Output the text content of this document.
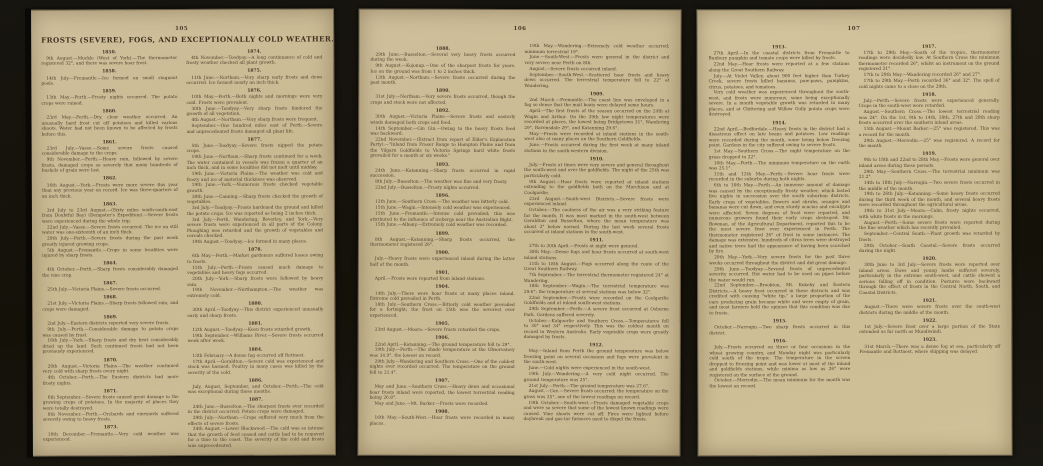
105
FROSTS (SEVERE), FOGS, AND EXCEPTIONALLY COLD WEATHER.
1850.

9th August.—Muckle (West of York).—The thermometer registered 32°, and there was severe hoar frost.

1858.

14th July.—Fremantle.—Ice formed on small stagnant pools.

1859.

13th May.—Perth.—Frosty nights occurred. The potato crops were ruined.

1860.

23rd May.—Perth.—Dry, clear weather occurred. An unusually hard frost cut off potatoes and killed various shoots. Water had not been known to be affected by frosts before this.

1861.

23rd July.—Vasse.—Some severe frosts caused considerable damage to the crops.

9th November.—Perth.—Heavy rain, followed by severe frosts, damaged crops so severely that many hundreds of bushels of grain were lost.

1862.

16th August.—York.—Frosts were more severe this year than any previous year on record. Ice was three-quarters of an inch thick.

1863.

3rd July to 23rd August.—(Sixty miles south-south-east from Doubtful Bay) (Dempster's Expedition).—Severe frosts were experienced during the whole trip.

22nd July.—Vasse.—Severe frosts occurred. The ice on still water was one-sixteenth of an inch thick.

29th July.—Perth.—Severe frosts during the past week greatly injured growing crops.

5th August.—Fremantle.—Crops in some localities were injured by sharp frosts.

1864.

4th October.—Perth.—Sharp frosts considerably damaged the vine crop.

1867.

25th July.—Victoria Plains.—Severe frosts occurred.

1868.

21st July.—Victoria Plains.—Sharp frosts followed rain, and crops were damaged.

1869.

2nd July.—Eastern districts reported very severe frosts.

9th July.—Perth.—Considerable damage to potato crops was caused by frost.

16th July.—York.—Sharp frosts and dry heat considerably dried up the land. Such continued frosts had not been previously experienced.

1870.

20th August.—Victoria Plains.—The weather continued very cold with sharp frosts every night.

4th October.—Perth.—The Eastern districts had more frosty nights.

1871.

6th September.—Severe frosts caused great damage to the growing crops of potatoes. In the majority of places they were totally destroyed.

8th November.—Perth.—Orchards and vineyards suffered severely owing to heavy frosts.

1873.

10th December.—Fremantle.—Very cold weather was experienced.

1874.

4th November.—Toodyay.—A long continuance of cold and frosty weather checked all plant growth.

1875.

11th June.—Northam.—Very sharp early frosts and dews occurred. Ice formed nearly an inch thick.

1876.

10th May.—Perth.—Both nights and mornings were very cold. Frosts were prevalent.

30th June.—Toodyay.—Very sharp frosts hindered the growth of all vegetation.

4th August.—Northam.—Very sharp frosts were frequent.

September.—One hundred miles east of Perth.—Severe and unprecedented frosts damaged all plant life.

1877.

5th June.—Toodyay.—Severe frosts nipped the potato crops.

19th June.—Northam.—Sharp frosts continued for a week. The water contained in vessels was frozen a quarter of an inch thick, and in some localities did not melt until midday.

19th June.—Victoria Plains.—The weather was cold and frosty and ice of material thickness was observed.

19th June.—York.—Numerous frosts checked vegetable growth.

30th June.—Canning.—Sharp frosts checked the growth of vegetables.

3rd July.—Toodyay.—Frosts hardened the ground and killed the potato crops. Ice was reported as being 2 inches thick.

3rd July.—Perth, Wandering, Beverley, and York.—Very severe frosts were experienced in all parts of the Colony. Ploughing was retarded and the growth of vegetables and cereals checked.

19th August.—Toodyay.—Ice formed in many places.

1878.

6th May.—Perth.—Market gardeners suffered losses owing to frosts.

15th July.—Perth.—Frosts caused much damage to vegetables and heavy fogs occurred.

20th July.—York.—Sharp frosts were followed by heavy rain.

19th November.—Northampton.—The weather was extremely cold.

1880.

30th April.—Toodyay.—This district experienced unusually early and sharp frosts.

1881.

12th August.—Toodyay.—Keen frosts retarded growth.

19th September.—Williams River.—Severe frosts occurred week after week.

1884.

13th February.—A dense fog occurred off Rottnest.

17th April.—Geraldton.—Severe cold was experienced and stock was harmed. Poultry in many cases was killed by the severity of the cold.

1886.

July, August, September, and October.—Perth.—The cold was exceptional during these months.

1887.

24th June.—Busselton.—The sharpest frosts ever recorded in the district occurred. Potato crops were damaged.

29th July.—Northam.—Crops suffered very much from the effects of severe frosts.

24th August.—Lower Blackwood.—The cold was so intense that the growth of feed ceased and cattle had to be removed for a time to the coast. The severity of the cold and frosts was unprecedented.

106
1888.

29th June.—Busselton.—Several very heavy frosts occurred during the week.

9th August.—Kojonup.—One of the sharpest frosts for years. Ice on the ground was from 1 to 2 inches thick.

13th August.—Northam.—Severe frosts occurred during the past month.

1890.

31st July.—Northam.—Very severe frosts occurred, though the crops and stock were not affected.

1892.

30th August.—Victoria Plains.—Severe frosts and easterly winds damaged both crops and feed.

14th September.—Gin Gin.—Owing to the heavy frosts feed was backward.

22nd November.—(Extract from report of Elder's Exploration Party).—"Inland from Fraser Range to Hampton Plains and from the Yilgarn Goldfields to Victoria Springs hard white frosts prevailed for a month or six weeks."

1893.

24th June.—Katanning.—Sharp frosts occurred in rapid succession.

8th July.—Busselton.—The weather was fine and very frosty.

22nd July.—Busselton.—Frosty nights occurred.

1896.

12th June.—Southern Cross.—The weather was bitterly cold.

15th June.—Wagin.—Intensely cold weather was experienced.

15th June.—Fremantle.—Intense cold prevailed; this was attributed to the influence of icebergs near the Australian Bight.

15th June.—Albany.—Extremely cold weather was recorded.

1899.

8th August.—Katanning.—Sharp frosts occurred, the thermometer registered 26°.

1900.

July.—Heavy frosts were experienced inland during the latter half of the month.

1901.

April.—Frosts were reported from inland stations.

1904.

14th July.—There were hoar frosts at many places inland. Extreme cold prevailed in Perth.

18th July.—Southern Cross.—Bitterly cold weather prevailed for a fortnight; the frost on 15th was the severest ever experienced.

1905.

23rd August.—Moora.—Severe frosts retarded the crops.

1906.

22nd April.—Katanning.—The ground temperature fell to 29°.

19th July.—Perth.—The shade temperature at the Observatory was 34.9°, the lowest on record.

29th July.—Wandering and Southern Cross.—One of the coldest nights ever recorded occurred. The temperature on the ground fell to 21.4°.

1907.

May and June.—Southern Cross.—Heavy dews and occasional hoar frosts inland were reported, the lowest terrestrial reading being 26.8°.

May and June.—Mt. Barker.—Frosts were recorded.

1908.

16th May.—South-West.—Hoar frosts were recorded in many places.

19th May.—Wandering.—Extremely cold weather occurred; minimum terrestrial 19°.

June.—South-West.—Frosts were general in the district and very severe near Perth on 8th.

August.—Severe frosts occurred inland.

September.—South-West.—Scattered hoar frosts and heavy dews occurred. The terrestrial temperature fell to 22° at Wandering.

1909.

2nd March.—Fremantle.—The coast line was enveloped in a fog so dense that the mail boats were delayed some hours.

April.—The first frosts of the season occurred on the 24th at Wagin and Arthur. On the 29th low night temperatures were recorded at places, the lowest being Bridgetown 31°, Wandering 29°, Ravensdale 29°, and Katanning 29.6°.

May.—Frosts were recorded at inland stations in the south-west also at many places on the Southern Goldfields.

June.—Frosts occurred during the first week at many inland stations in the south-western division.

1910.

July.—Frosts at times were very severe and general throughout the south-west and over the goldfields. The night of the 25th was particularly cold.

9th August.—Hoar frosts were reported at inland stations extending to the goldfields both on the Murchison and at Coolgardie.

23rd August.—South-west Districts.—Severe frosts were experienced inland.

October.—The coolness of the air was a very striking feature for the month. It was most marked in the south-west between Geraldton and Busselton, where the mean temperature was about 2° below normal. During the last week several frosts occurred at inland stations in the south-west.

1911.

27th to 30th April.—Frosts at night were general.

30th May.—Dense fogs and hoar frosts occurred at south-west inland stations.

11th to 18th August.—Fogs occurred along the route of the Great Southern Railway.

7th September.—The terrestrial thermometer registered 24° at Wandering.

18th September.—Wagin.—The terrestrial temperature was 29.6°; the temperature at several stations was below 32°.

22nd September.—Frosts were recorded on the Coolgardie Goldfields and at inland south-west stations.

29th September.—Perth.—A severe frost occurred at Osborne Park. Gardens suffered severely.

October.—Kalgoorlie and Southern Cross.—Temperatures fell to 30° and 34° respectively. This was the coldest month on record in Western Australia. Early vegetable crops were greatly damaged by frosts.

1912.

May.—Inland from Perth the ground temperature was below freezing point on several occasions and fogs were prevalent in the south-west.

June.—Cold nights were experienced in the south-west.

19th July.—Wandering.—A very cold night occurred. The ground temperature was 25°.

21st July.—Perth.—The ground temperature was 27.6°.

August.—Cue.—Severe frosts occurred; the temperature on the grass was 25°, one of the lowest readings on record.

19th October.—South-west.—Frosts damaged vegetable crops and were so severe that some of the lowest known readings were caused. Vine shoots were cut off. Fires were lighted before daybreak and gas-tar furnaces used to dispel the frosts.

107
1913.

27th April.—In the coastal districts from Fremantle to Bunbury pumpkin and tomato crops were killed by frosts.

22nd May.—Hoar frosts were reported at a few stations along the Great Southern Railway.

July.—At Violet Valley, about 900 feet higher than Turkey Creek, severe frosts killed bananas, paw-paws, pumpkins, citrus, potatoes, and tomatoes.

Very cold weather was experienced throughout the south-west, and frosts were numerous, some being exceptionally severe. In a month vegetable growth was retarded in many places, and at Chittering and Willow Gully potato crops were destroyed.

1914.

22nd April.—Bedfordale.—Heavy frosts in the district had a disastrous effect on late beans and potatoes. Low readings were recorded during the month, some being below freezing point. Gardens in the city suffered owing to severe frosts.

1st May.—Southern Cross.—The night temperature on the grass dropped to 22°.

10th May.—Perth.—The minimum temperature on the earth was 25.1°.

11th and 12th May.—Perth.—Severe hoar frosts were recorded in the suburbs during both nights.

6th to 10th May.—Perth.—An immense amount of damage was caused by the exceptionally frosty weather, which lasted five nights in succession over the south suburban districts. Early crops of vegetables, flowers and shrubs, oranges and bananas were cut down, and even sturdy acacias and eucalypts were affected. Seven degrees of frost were reported, and numerous growers found their early crops destroyed. Mr. Bowman, of the Agricultural Department, reported this to be the most severe frost ever experienced in Perth. The thermometer registered 26° of frost in some instances. The damage was extensive, hundreds of citrus trees were destroyed and native trees had the appearance of having been scorched by fire.

20th May.—York.—Very severe frosts for the past three weeks occurred throughout the district and did great damage.

29th June.—Toodyay.—Several frosts of unprecedented severity occurred. Hot water had to be used on pipes before the water would run.

22nd September.—Brookton, Mt. Kokeby and Eastern Districts.—A heavy frost occurred in these districts and was credited with causing "white tip," a large proportion of the ears producing grain became white and were empty of grain, and most farmers held the opinion that this condition was due to frosts.

1915.

October.—Narrogin.—Two sharp frosts occurred in this district.

1916.

July.—Frosts occurred on three or four occasions in the wheat growing country, and Monday night was particularly cold south of the tropic. The temperature in the screen dropped to freezing point and was lower at most of the inland and goldfields stations, while minima as low as 26° were registered on the surface of the ground.

October.—Merredin.—The mean minimum for the month was the lowest on record.

1917.

17th to 29th May.—South of the tropics, thermometer readings were decidedly low. At Southern Cross the minimum thermometer recorded 26°, whilst an instrument on the ground registered 21°.

17th to 29th May.—Wandering recorded 26° and 27°.

17th to 29th May.—Perth recorded 36° and 32°. The spell of cold nights came to a close on the 29th.

1918.

July.—Perth.—Severe frosts were experienced generally. Crops in the south-west were retarded.

August.—Southern Cross.—The lowest terrestrial reading was 24°. On the 1st, 9th to 14th, 18th, 27th and 28th sharp frosts occurred over the southern inland areas.

15th August.—Mount Barker.—25° was registered. This was a record for the month.

29th August.—Merredin.—25° was registered. A record for the month.

1919.

9th to 18th and 22nd to 28th May.—Frosts were general over inland areas during these periods.

29th May.—Southern Cross.—The terrestrial minimum was 21.2°.

14th to 18th July.—Narrogin.—Two severe frosts occurred in the middle of the month.

19th to 26th July.—Katanning.—Some heavy frosts occurred during the third week of the month, and several heavy frosts were recorded throughout the agricultural areas.

19th to 31st July.—Moora.—Calm, frosty nights occurred, with white frosts in the mornings.

August.—Perth.—Some severe frosts were reported during the fine weather which has recently prevailed.

September.—Central South.—Plant growth was retarded by frosts.

29th October.—South Coastal.—Severe frosts occurred during the night.

1920.

30th June to 3rd July.—Severe frosts were reported over inland areas. Ewes and young lambs suffered severely, particularly in the extreme south-west, and cattle showed a serious falling off in condition. Pastures were backward through the effect of frosts in the Central North, South, and Coastal Districts.

1921.

August.—There were severe frosts over the south-west districts during the middle of the month.

1922.

1st July.—Severe frost over a large portion of the State extended as far north as Mundiwindi.

1923.

31st March.—There was a dense fog at sea, particularly off Fremantle and Rottnest, where shipping was delayed.
